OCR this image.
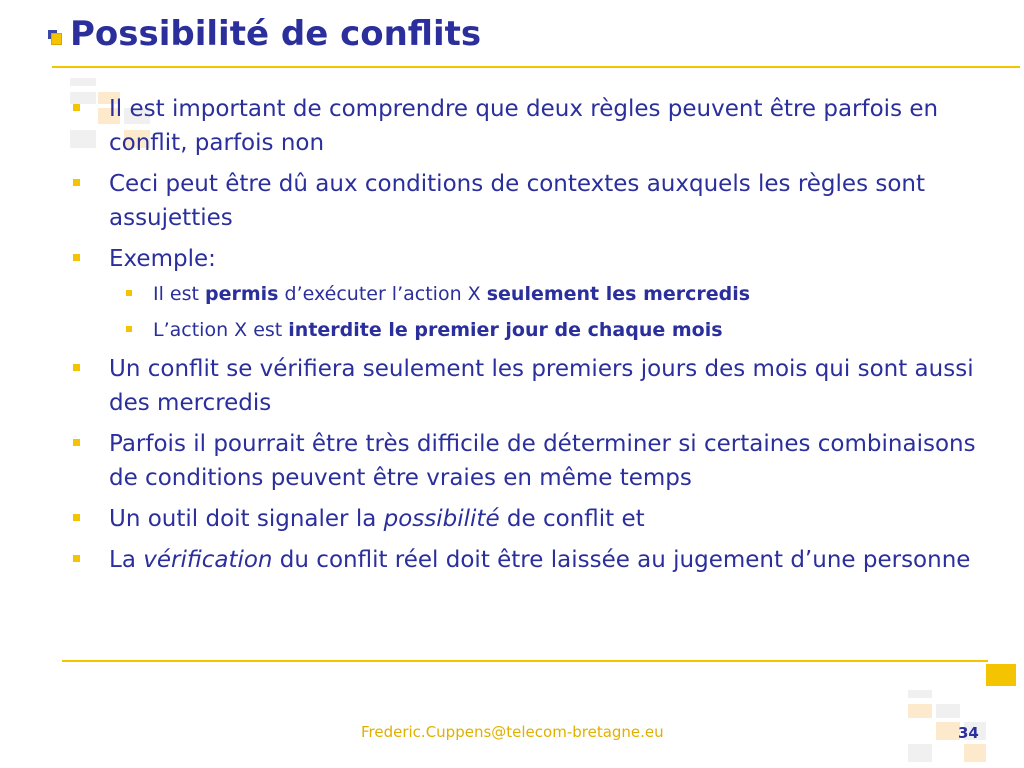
Possibilité de conflits
Il est important de comprendre que deux règles peuvent être parfois en conflit, parfois non
Ceci peut être dû aux conditions de contextes auxquels les règles sont assujetties
Exemple:
Il est permis d’exécuter l’action X seulement les mercredis
L’action X est interdite le premier jour de chaque mois
Un conflit se vérifiera seulement les premiers jours des mois qui sont aussi des mercredis
Parfois il pourrait être très difficile de déterminer si certaines combinaisons de conditions peuvent être vraies en même temps
Un outil doit signaler la possibilité de conflit et
La vérification du conflit réel doit être laissée au jugement d’une personne
Frederic.Cuppens@telecom-bretagne.eu	34
